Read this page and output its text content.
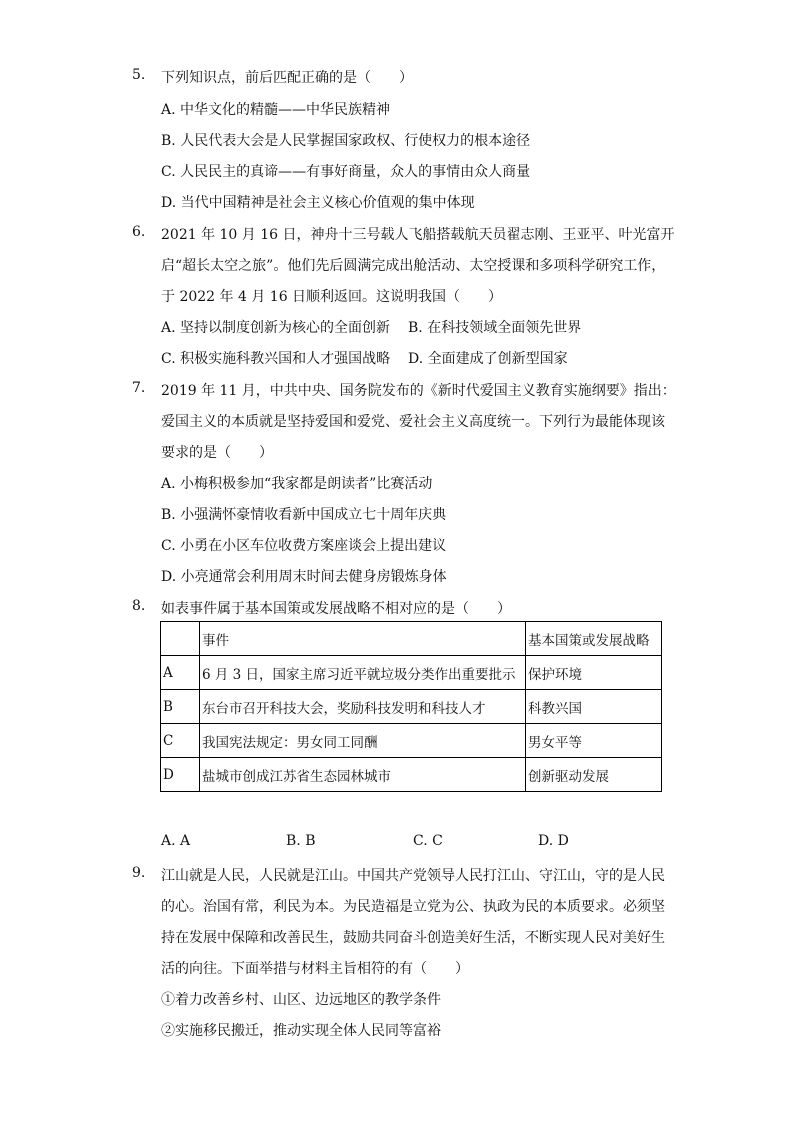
5. 下列知识点，前后匹配正确的是（　　）
A. 中华文化的精髓——中华民族精神
B. 人民代表大会是人民掌握国家政权、行使权力的根本途径
C. 人民民主的真谛——有事好商量，众人的事情由众人商量
D. 当代中国精神是社会主义核心价值观的集中体现
6. 2021 年 10 月 16 日，神舟十三号载人飞船搭载航天员翟志刚、王亚平、叶光富开
启“超长太空之旅”。他们先后圆满完成出舱活动、太空授课和多项科学研究工作，
于 2022 年 4 月 16 日顺利返回。这说明我国（　　）
A. 坚持以制度创新为核心的全面创新 B. 在科技领域全面领先世界
C. 积极实施科教兴国和人才强国战略 D. 全面建成了创新型国家
7. 2019 年 11 月，中共中央、国务院发布的《新时代爱国主义教育实施纲要》指出：
爱国主义的本质就是坚持爱国和爱党、爱社会主义高度统一。下列行为最能体现该
要求的是（　　）
A. 小梅积极参加“我家都是朗读者”比赛活动
B. 小强满怀豪情收看新中国成立七十周年庆典
C. 小勇在小区车位收费方案座谈会上提出建议
D. 小亮通常会利用周末时间去健身房锻炼身体
8. 如表事件属于基本国策或发展战略不相对应的是（　　）
	事件	基本国策或发展战略
A	6 月 3 日，国家主席习近平就垃圾分类作出重要批示	保护环境
B	东台市召开科技大会，奖励科技发明和科技人才	科教兴国
C	我国宪法规定：男女同工同酬	男女平等
D	盐城市创成江苏省生态园林城市	创新驱动发展
A. A	B. B	C. C	D. D
9. 江山就是人民，人民就是江山。中国共产党领导人民打江山、守江山，守的是人民
的心。治国有常，利民为本。为民造福是立党为公、执政为民的本质要求。必须坚
持在发展中保障和改善民生，鼓励共同奋斗创造美好生活，不断实现人民对美好生
活的向往。下面举措与材料主旨相符的有（　　）
①着力改善乡村、山区、边远地区的教学条件
②实施移民搬迁，推动实现全体人民同等富裕
